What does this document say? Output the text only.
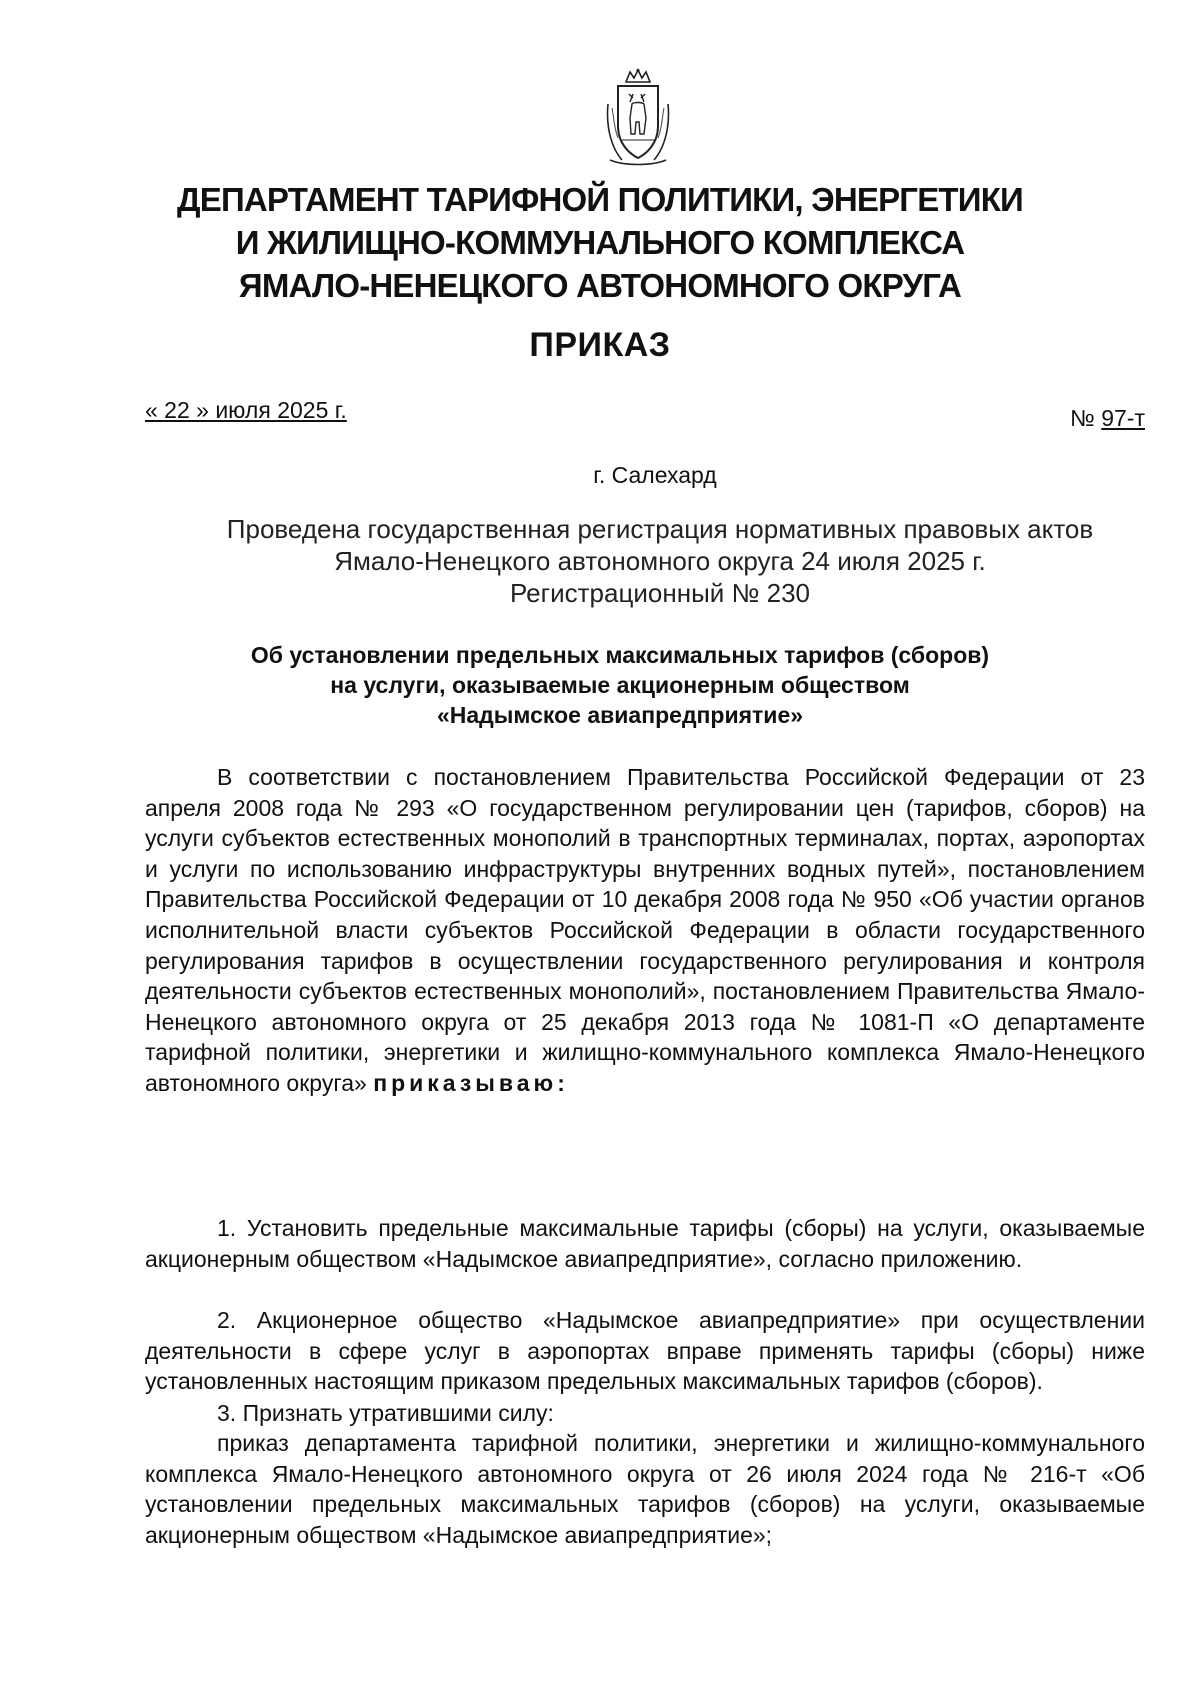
ДЕПАРТАМЕНТ ТАРИФНОЙ ПОЛИТИКИ, ЭНЕРГЕТИКИ
И ЖИЛИЩНО-КОММУНАЛЬНОГО КОМПЛЕКСА
ЯМАЛО-НЕНЕЦКОГО АВТОНОМНОГО ОКРУГА
ПРИКАЗ
« 22 » июля 2025 г.	№ 97-т
г. Салехард
Проведена государственная регистрация нормативных правовых актов
Ямало-Ненецкого автономного округа 24 июля 2025 г.
Регистрационный № 230
Об установлении предельных максимальных тарифов (сборов)
на услуги, оказываемые акционерным обществом
«Надымское авиапредприятие»
В соответствии с постановлением Правительства Российской Федерации от 23 апреля 2008 года № 293 «О государственном регулировании цен (тарифов, сборов) на услуги субъектов естественных монополий в транспортных терминалах, портах, аэропортах и услуги по использованию инфраструктуры внутренних водных путей», постановлением Правительства Российской Федерации от 10 декабря 2008 года № 950 «Об участии органов исполнительной власти субъектов Российской Федерации в области государственного регулирования тарифов в осуществлении государственного регулирования и контроля деятельности субъектов естественных монополий», постановлением Правительства Ямало-Ненецкого автономного округа от 25 декабря 2013 года № 1081-П «О департаменте тарифной политики, энергетики и жилищно-коммунального комплекса Ямало-Ненецкого автономного округа» приказываю:
1. Установить предельные максимальные тарифы (сборы) на услуги, оказываемые акционерным обществом «Надымское авиапредприятие», согласно приложению.
2. Акционерное общество «Надымское авиапредприятие» при осуществлении деятельности в сфере услуг в аэропортах вправе применять тарифы (сборы) ниже установленных настоящим приказом предельных максимальных тарифов (сборов).
3. Признать утратившими силу:
приказ департамента тарифной политики, энергетики и жилищно-коммунального комплекса Ямало-Ненецкого автономного округа от 26 июля 2024 года № 216-т «Об установлении предельных максимальных тарифов (сборов) на услуги, оказываемые акционерным обществом «Надымское авиапредприятие»;
